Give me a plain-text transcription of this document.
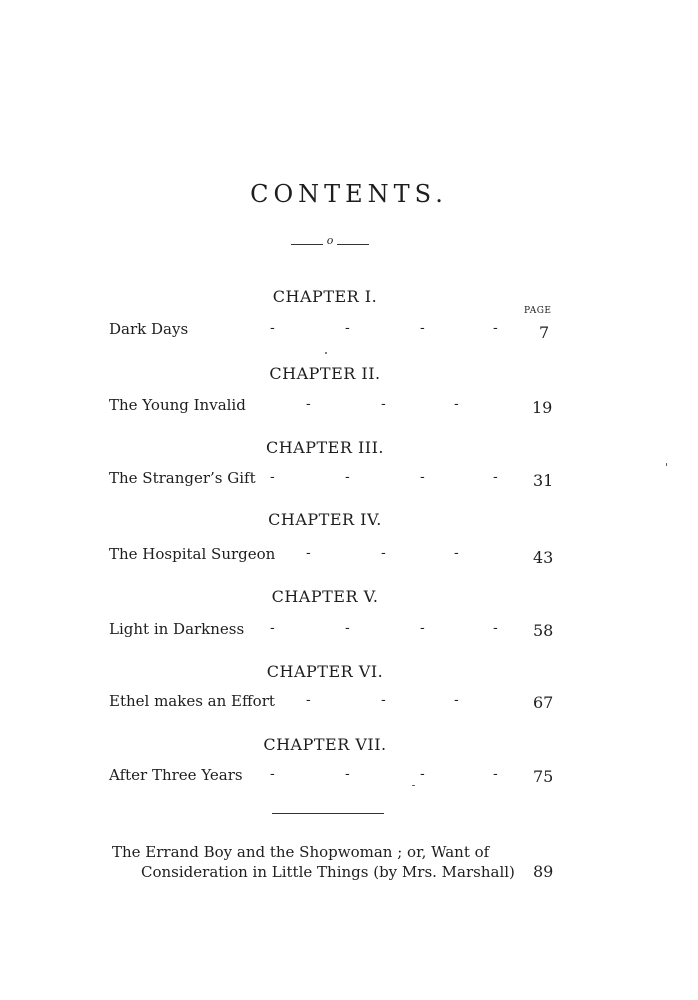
CONTENTS.
o
PAGE
CHAPTER I.
Dark Days	-	-	-	-	7
CHAPTER II.
The Young Invalid	-	-	-	19
CHAPTER III.
The Stranger’s Gift -	-	-	- 31
CHAPTER IV.
The Hospital Surgeon -	-	-	43
CHAPTER V.
Light in Darkness -	-	-	- 58
CHAPTER VI.
Ethel makes an Effort -	-	-	67
CHAPTER VII.
After Three Years -	-	-	- 75
The Errand Boy and the Shopwoman ; or, Want of
Consideration in Little Things (by Mrs. Marshall) 89
